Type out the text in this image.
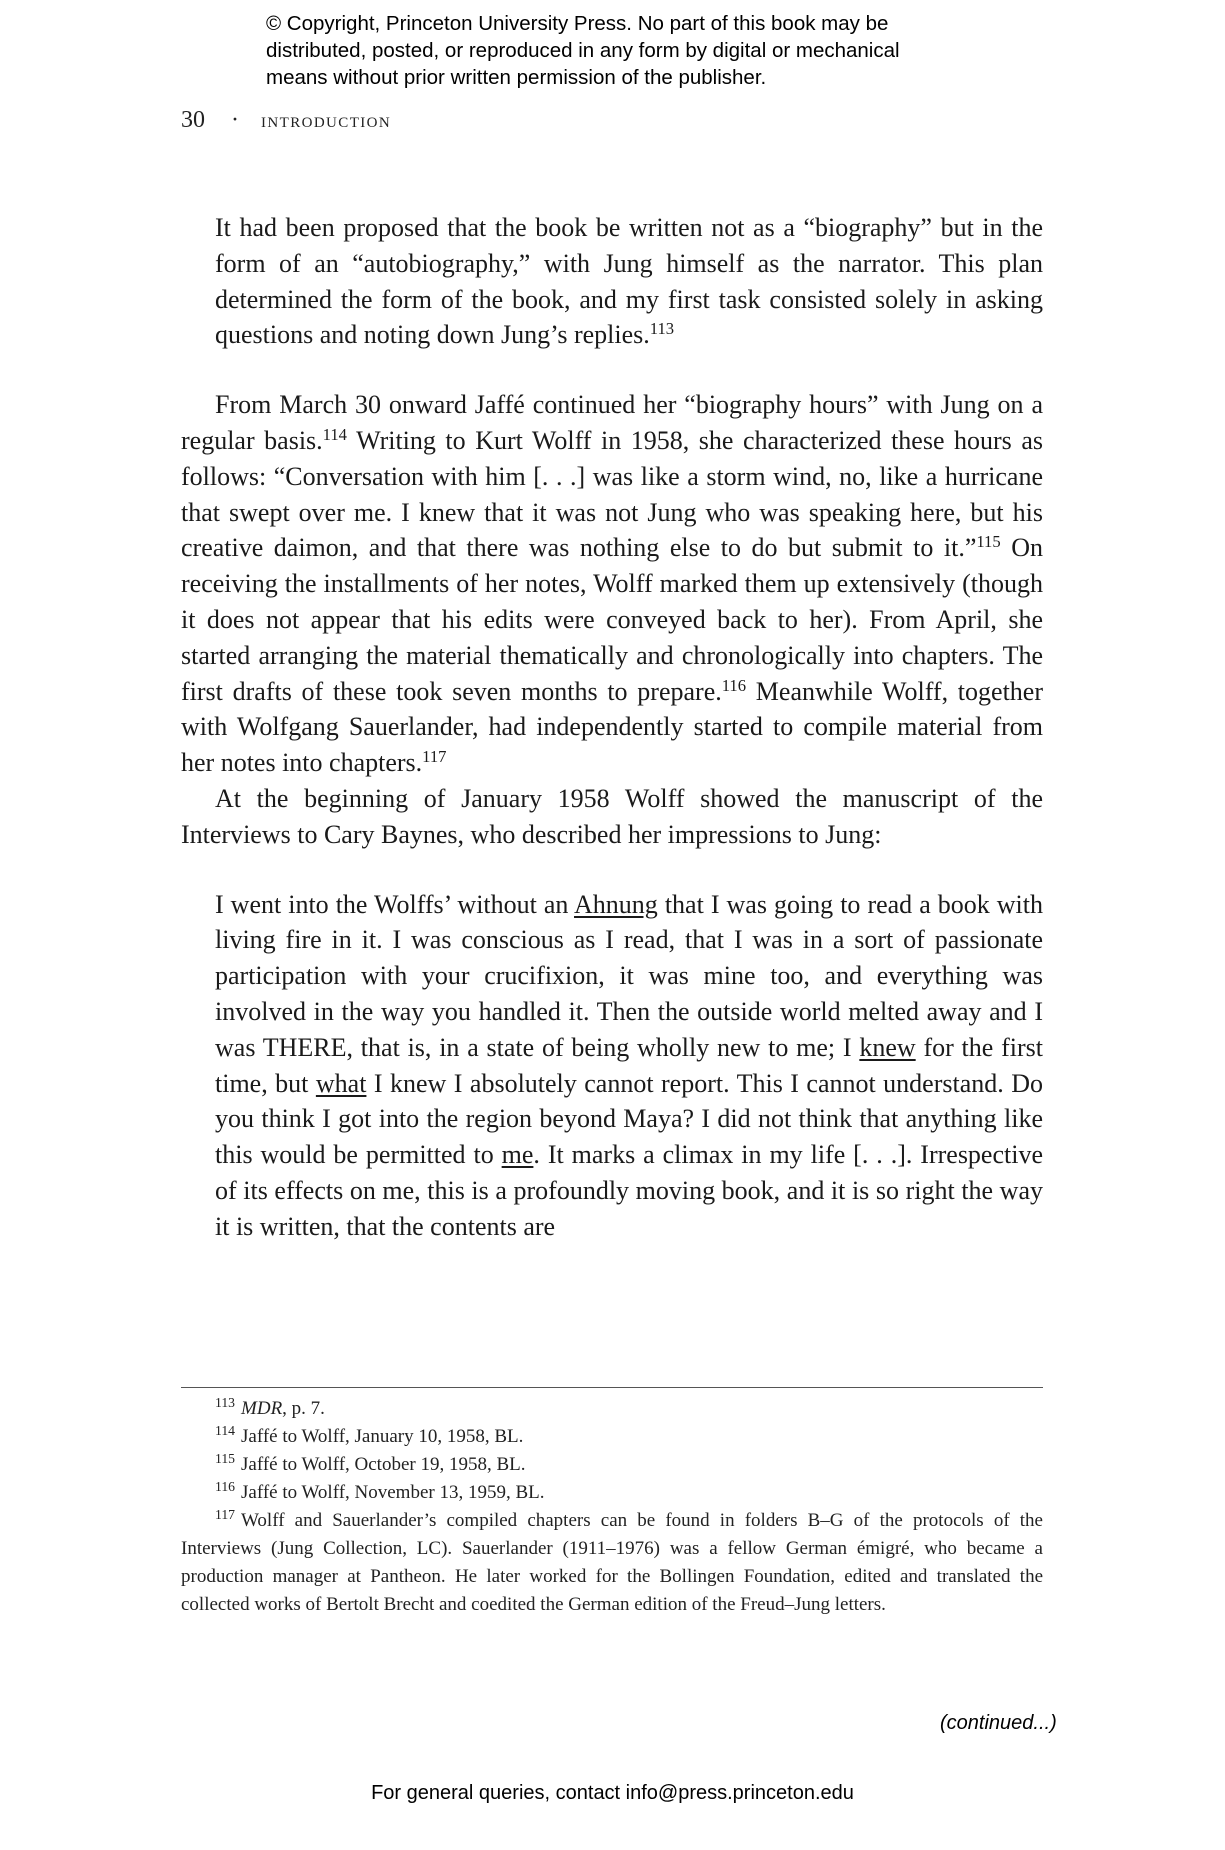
© Copyright, Princeton University Press. No part of this book may be
distributed, posted, or reproduced in any form by digital or mechanical
means without prior written permission of the publisher.
30 · introduction

It had been proposed that the book be written not as a “biography” but in the form of an “autobiography,” with Jung himself as the narrator. This plan determined the form of the book, and my first task consisted solely in asking questions and noting down Jung’s replies.$^{113}$

From March 30 onward Jaffé continued her “biography hours” with Jung on a regular basis.$^{114}$ Writing to Kurt Wolff in 1958, she characterized these hours as follows: “Conversation with him [. . .] was like a storm wind, no, like a hurricane that swept over me. I knew that it was not Jung who was speaking here, but his creative daimon, and that there was nothing else to do but submit to it.”$^{115}$ On receiving the installments of her notes, Wolff marked them up extensively (though it does not appear that his edits were conveyed back to her). From April, she started arranging the material thematically and chronologically into chapters. The first drafts of these took seven months to prepare.$^{116}$ Meanwhile Wolff, together with Wolfgang Sauerlander, had independently started to compile material from her notes into chapters.$^{117}$

At the beginning of January 1958 Wolff showed the manuscript of the Interviews to Cary Baynes, who described her impressions to Jung:

I went into the Wolffs’ without an Ahnung that I was going to read a book with living fire in it. I was conscious as I read, that I was in a sort of passionate participation with your crucifixion, it was mine too, and everything was involved in the way you handled it. Then the outside world melted away and I was THERE, that is, in a state of being wholly new to me; I knew for the first time, but what I knew I absolutely cannot report. This I cannot understand. Do you think I got into the region beyond Maya? I did not think that anything like this would be permitted to me. It marks a climax in my life [. . .]. Irrespective of its effects on me, this is a profoundly moving book, and it is so right the way it is written, that the contents are

$^{113}$ MDR, p. 7.

$^{114}$ Jaffé to Wolff, January 10, 1958, BL.

$^{115}$ Jaffé to Wolff, October 19, 1958, BL.

$^{116}$ Jaffé to Wolff, November 13, 1959, BL.

$^{117}$ Wolff and Sauerlander’s compiled chapters can be found in folders B–G of the protocols of the Interviews (Jung Collection, LC). Sauerlander (1911–1976) was a fellow German émigré, who became a production manager at Pantheon. He later worked for the Bollingen Foundation, edited and translated the collected works of Bertolt Brecht and coedited the German edition of the Freud–Jung letters.

(continued...)
For general queries, contact info@press.princeton.edu
